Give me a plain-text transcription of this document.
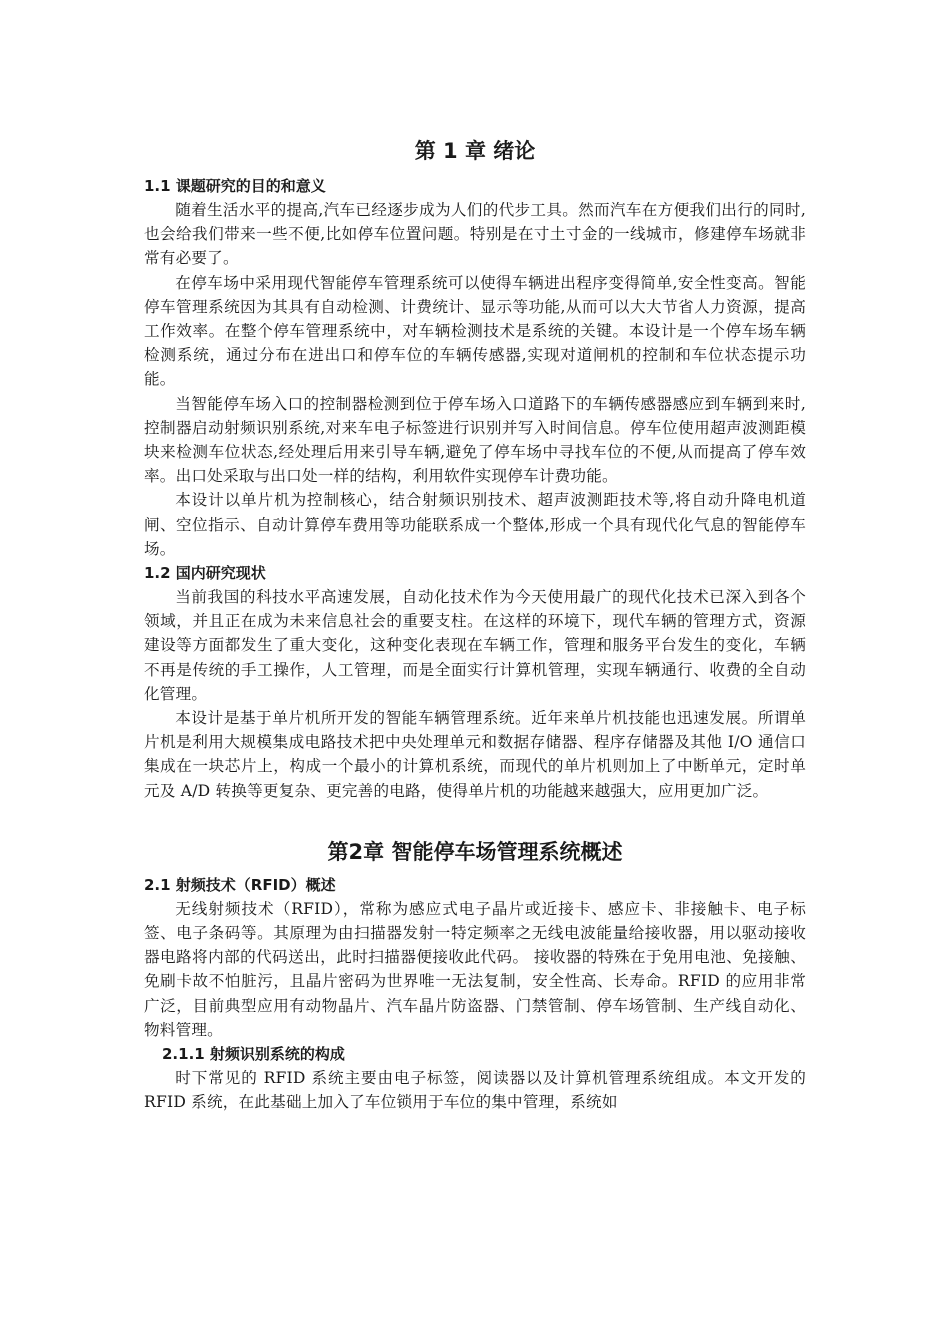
第 1 章 绪论
1.1 课题研究的目的和意义

随着生活水平的提高,汽车已经逐步成为人们的代步工具。然而汽车在方便我们出行的同时,也会给我们带来一些不便,比如停车位置问题。特别是在寸土寸金的一线城市，修建停车场就非常有必要了。

在停车场中采用现代智能停车管理系统可以使得车辆进出程序变得简单,安全性变高。智能停车管理系统因为其具有自动检测、计费统计、显示等功能,从而可以大大节省人力资源，提高工作效率。在整个停车管理系统中，对车辆检测技术是系统的关键。本设计是一个停车场车辆检测系统，通过分布在进出口和停车位的车辆传感器,实现对道闸机的控制和车位状态提示功能。

当智能停车场入口的控制器检测到位于停车场入口道路下的车辆传感器感应到车辆到来时,控制器启动射频识别系统,对来车电子标签进行识别并写入时间信息。停车位使用超声波测距模块来检测车位状态,经处理后用来引导车辆,避免了停车场中寻找车位的不便,从而提高了停车效率。出口处采取与出口处一样的结构，利用软件实现停车计费功能。

本设计以单片机为控制核心，结合射频识别技术、超声波测距技术等,将自动升降电机道闸、空位指示、自动计算停车费用等功能联系成一个整体,形成一个具有现代化气息的智能停车场。

1.2 国内研究现状

当前我国的科技水平高速发展，自动化技术作为今天使用最广的现代化技术已深入到各个领域，并且正在成为未来信息社会的重要支柱。在这样的环境下，现代车辆的管理方式，资源建设等方面都发生了重大变化，这种变化表现在车辆工作，管理和服务平台发生的变化，车辆不再是传统的手工操作，人工管理，而是全面实行计算机管理，实现车辆通行、收费的全自动化管理。

本设计是基于单片机所开发的智能车辆管理系统。近年来单片机技能也迅速发展。所谓单片机是利用大规模集成电路技术把中央处理单元和数据存储器、程序存储器及其他 I/O 通信口集成在一块芯片上，构成一个最小的计算机系统，而现代的单片机则加上了中断单元，定时单元及 A/D 转换等更复杂、更完善的电路，使得单片机的功能越来越强大，应用更加广泛。

第2章 智能停车场管理系统概述
2.1 射频技术（RFID）概述

无线射频技术（RFID），常称为感应式电子晶片或近接卡、感应卡、非接触卡、电子标签、电子条码等。其原理为由扫描器发射一特定频率之无线电波能量给接收器，用以驱动接收器电路将内部的代码送出，此时扫描器便接收此代码。 接收器的特殊在于免用电池、免接触、免刷卡故不怕脏污，且晶片密码为世界唯一无法复制，安全性高、长寿命。RFID 的应用非常广泛，目前典型应用有动物晶片、汽车晶片防盗器、门禁管制、停车场管制、生产线自动化、物料管理。

2.1.1 射频识别系统的构成

时下常见的 RFID 系统主要由电子标签，阅读器以及计算机管理系统组成。本文开发的 RFID 系统，在此基础上加入了车位锁用于车位的集中管理，系统如
